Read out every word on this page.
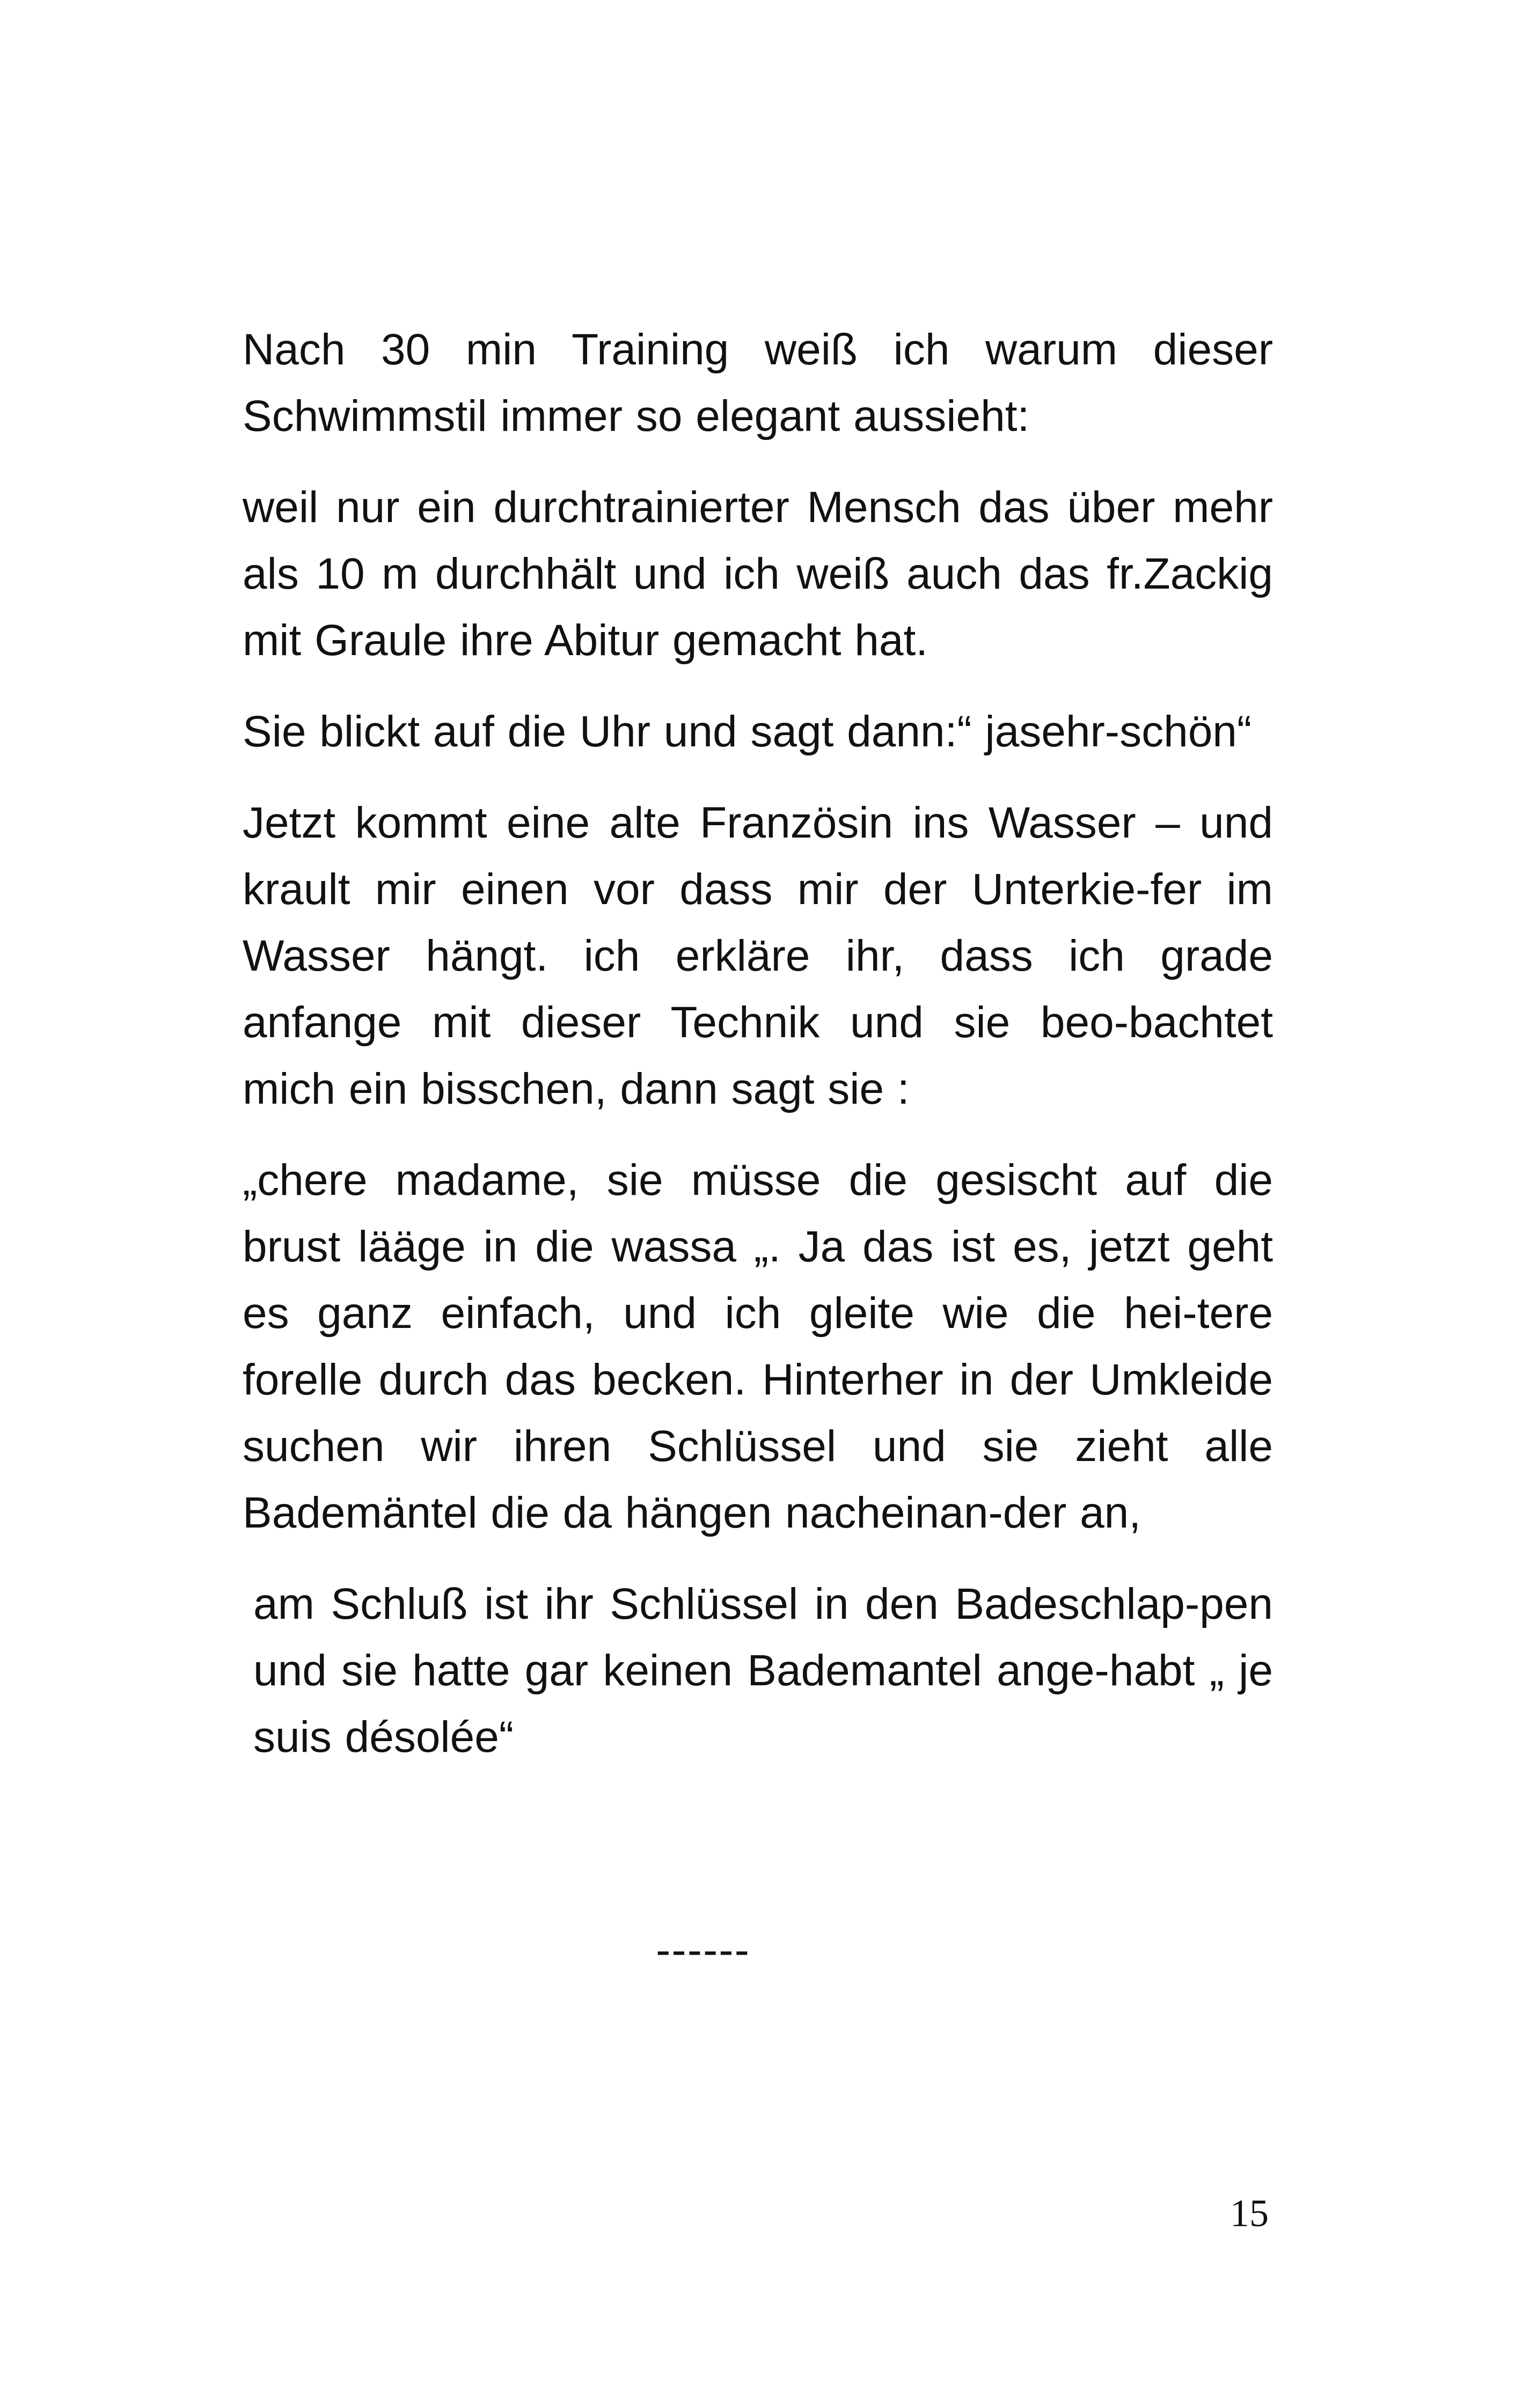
Nach 30 min Training weiß ich warum dieser Schwimmstil immer so elegant aussieht:

weil nur ein durchtrainierter Mensch das über mehr als 10 m durchhält und ich weiß auch das fr.Zackig mit Graule ihre Abitur gemacht hat.

Sie blickt auf die Uhr und sagt dann:“ jasehr-schön“

Jetzt kommt eine alte Französin ins Wasser – und krault mir einen vor dass mir der Unterkie-fer im Wasser hängt. ich erkläre ihr, dass ich grade anfange mit dieser Technik und sie beo-bachtet mich ein bisschen, dann sagt sie :

„chere madame, sie müsse die gesischt auf die brust lääge in die wassa „. Ja das ist es, jetzt geht es ganz einfach, und ich gleite wie die hei-tere forelle durch das becken. Hinterher in der Umkleide suchen wir ihren Schlüssel und sie zieht alle Bademäntel die da hängen nacheinan-der an,

am Schluß ist ihr Schlüssel in den Badeschlap-pen und sie hatte gar keinen Bademantel ange-habt „ je suis désolée“

------
15
